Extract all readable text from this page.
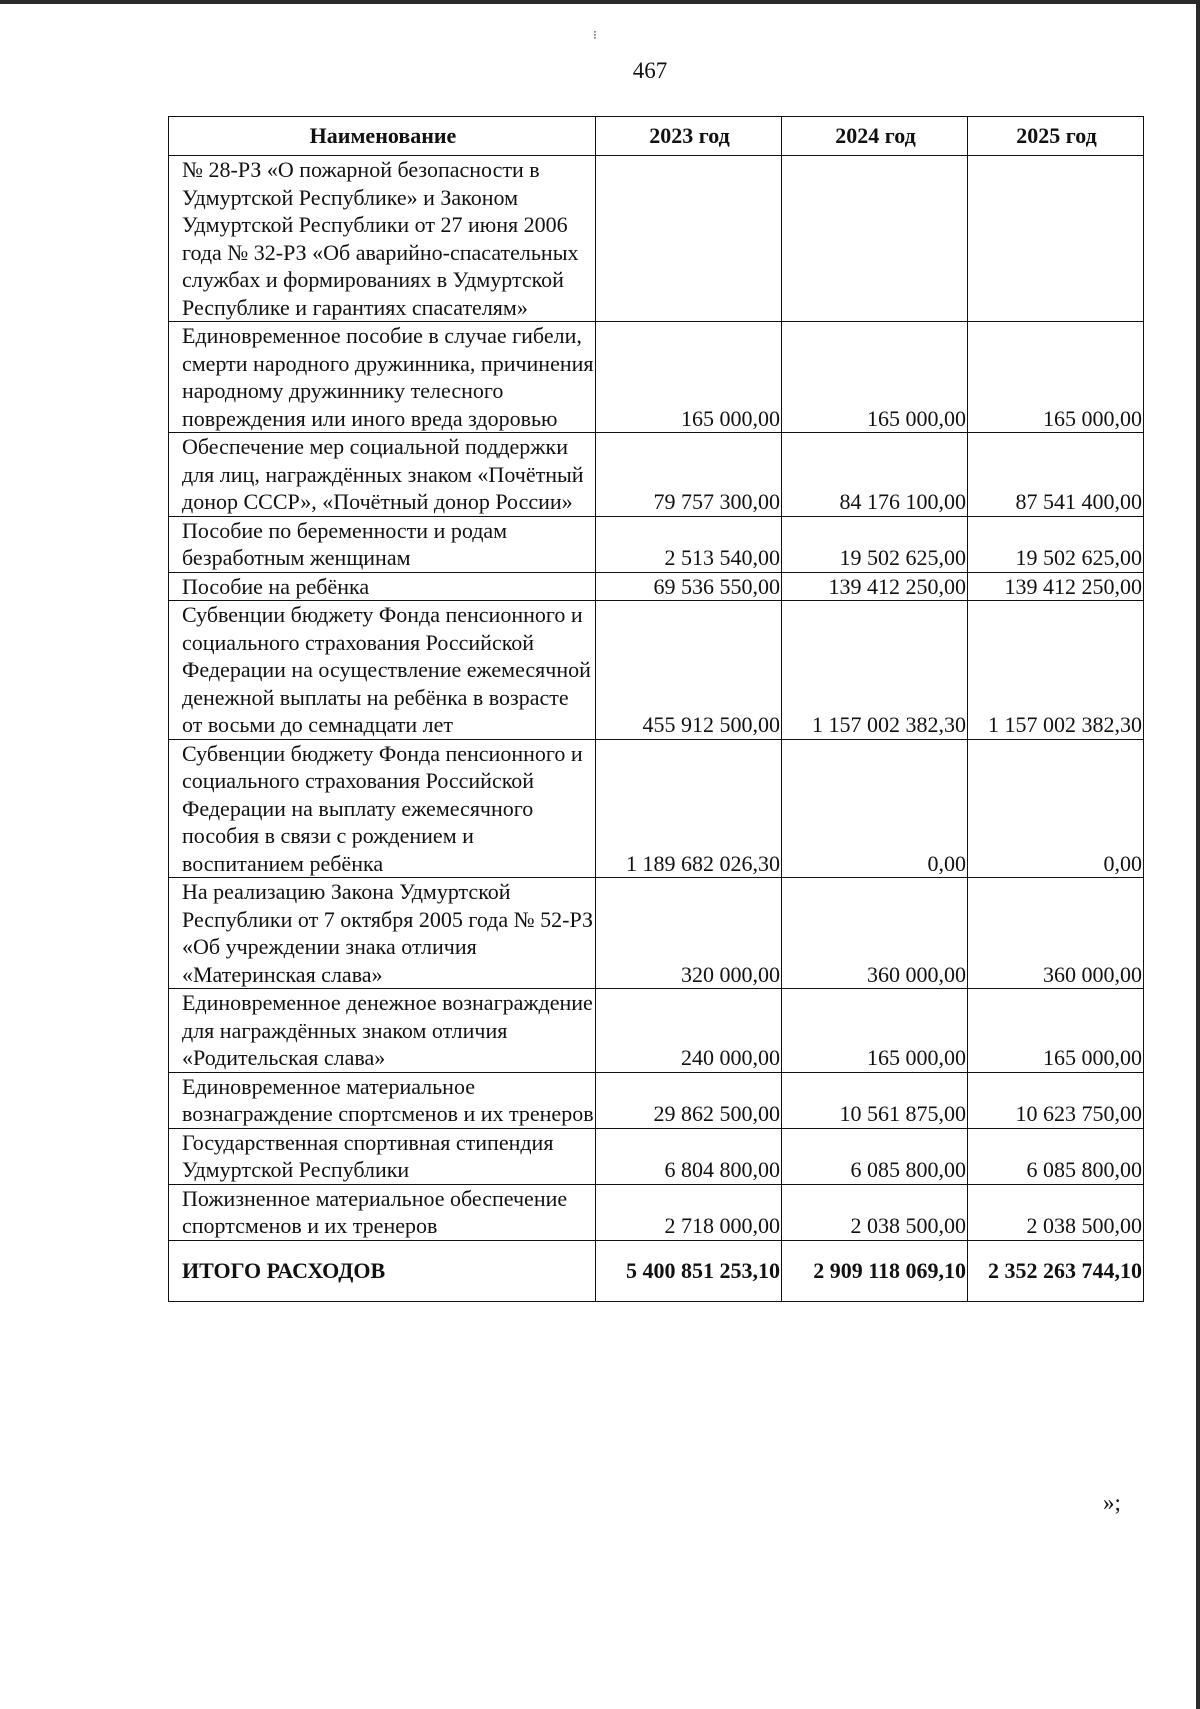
⁝
467
Наименование	2023 год	2024 год	2025 год
№ 28-РЗ «О пожарной безопасности в Удмуртской Республике» и Законом Удмуртской Республики от 27 июня 2006 года № 32-РЗ «Об аварийно-спасательных службах и формированиях в Удмуртской Республике и гарантиях спасателям»			
Единовременное пособие в случае гибели, смерти народного дружинника, причинения народному дружиннику телесного повреждения или иного вреда здоровью	165 000,00	165 000,00	165 000,00
Обеспечение мер социальной поддержки для лиц, награждённых знаком «Почётный донор СССР», «Почётный донор России»	79 757 300,00	84 176 100,00	87 541 400,00
Пособие по беременности и родам безработным женщинам	2 513 540,00	19 502 625,00	19 502 625,00
Пособие на ребёнка	69 536 550,00	139 412 250,00	139 412 250,00
Субвенции бюджету Фонда пенсионного и социального страхования Российской Федерации на осуществление ежемесячной денежной выплаты на ребёнка в возрасте от восьми до семнадцати лет	455 912 500,00	1 157 002 382,30	1 157 002 382,30
Субвенции бюджету Фонда пенсионного и социального страхования Российской Федерации на выплату ежемесячного пособия в связи с рождением и воспитанием ребёнка	1 189 682 026,30	0,00	0,00
На реализацию Закона Удмуртской Республики от 7 октября 2005 года № 52-РЗ «Об учреждении знака отличия «Материнская слава»	320 000,00	360 000,00	360 000,00
Единовременное денежное вознаграждение для награждённых знаком отличия «Родительская слава»	240 000,00	165 000,00	165 000,00
Единовременное материальное вознаграждение спортсменов и их тренеров	29 862 500,00	10 561 875,00	10 623 750,00
Государственная спортивная стипендия Удмуртской Республики	6 804 800,00	6 085 800,00	6 085 800,00
Пожизненное материальное обеспечение спортсменов и их тренеров	2 718 000,00	2 038 500,00	2 038 500,00
ИТОГО РАСХОДОВ	5 400 851 253,10	2 909 118 069,10	2 352 263 744,10
»;
